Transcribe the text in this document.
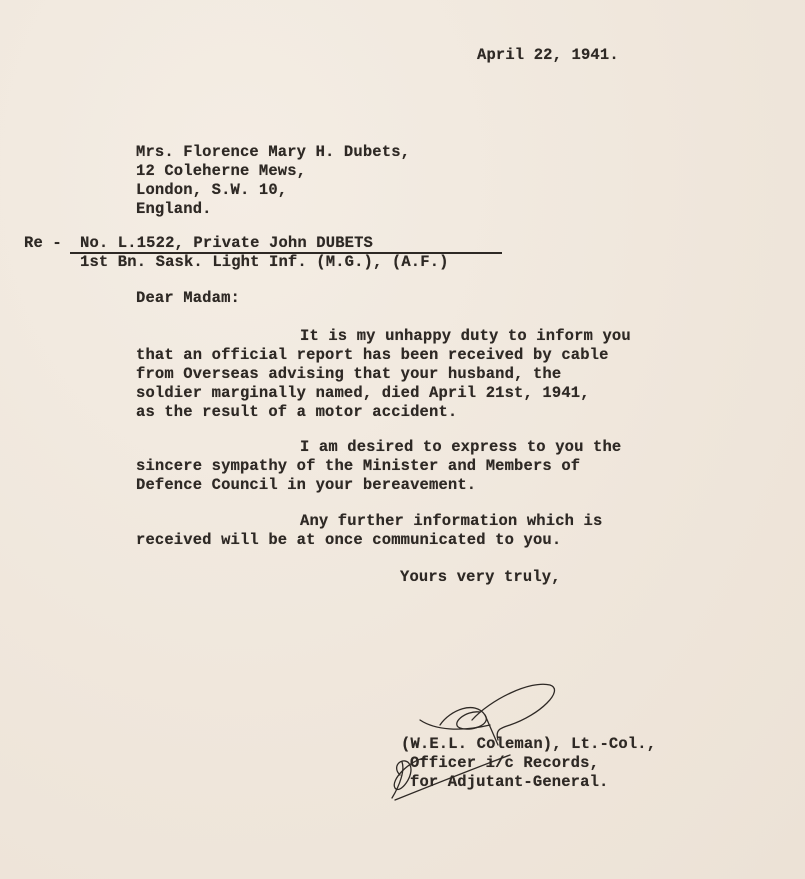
April 22, 1941.
Mrs. Florence Mary H. Dubets,
12 Coleherne Mews,
London, S.W. 10,
England.
Re - No. L.1522, Private John DUBETS
1st Bn. Sask. Light Inf. (M.G.), (A.F.)
Dear Madam:
It is my unhappy duty to inform you
that an official report has been received by cable
from Overseas advising that your husband, the
soldier marginally named, died April 21st, 1941,
as the result of a motor accident.
I am desired to express to you the
sincere sympathy of the Minister and Members of
Defence Council in your bereavement.
Any further information which is
received will be at once communicated to you.
Yours very truly,
(W.E.L. Coleman), Lt.-Col.,
Officer i/c Records,
for Adjutant-General.
